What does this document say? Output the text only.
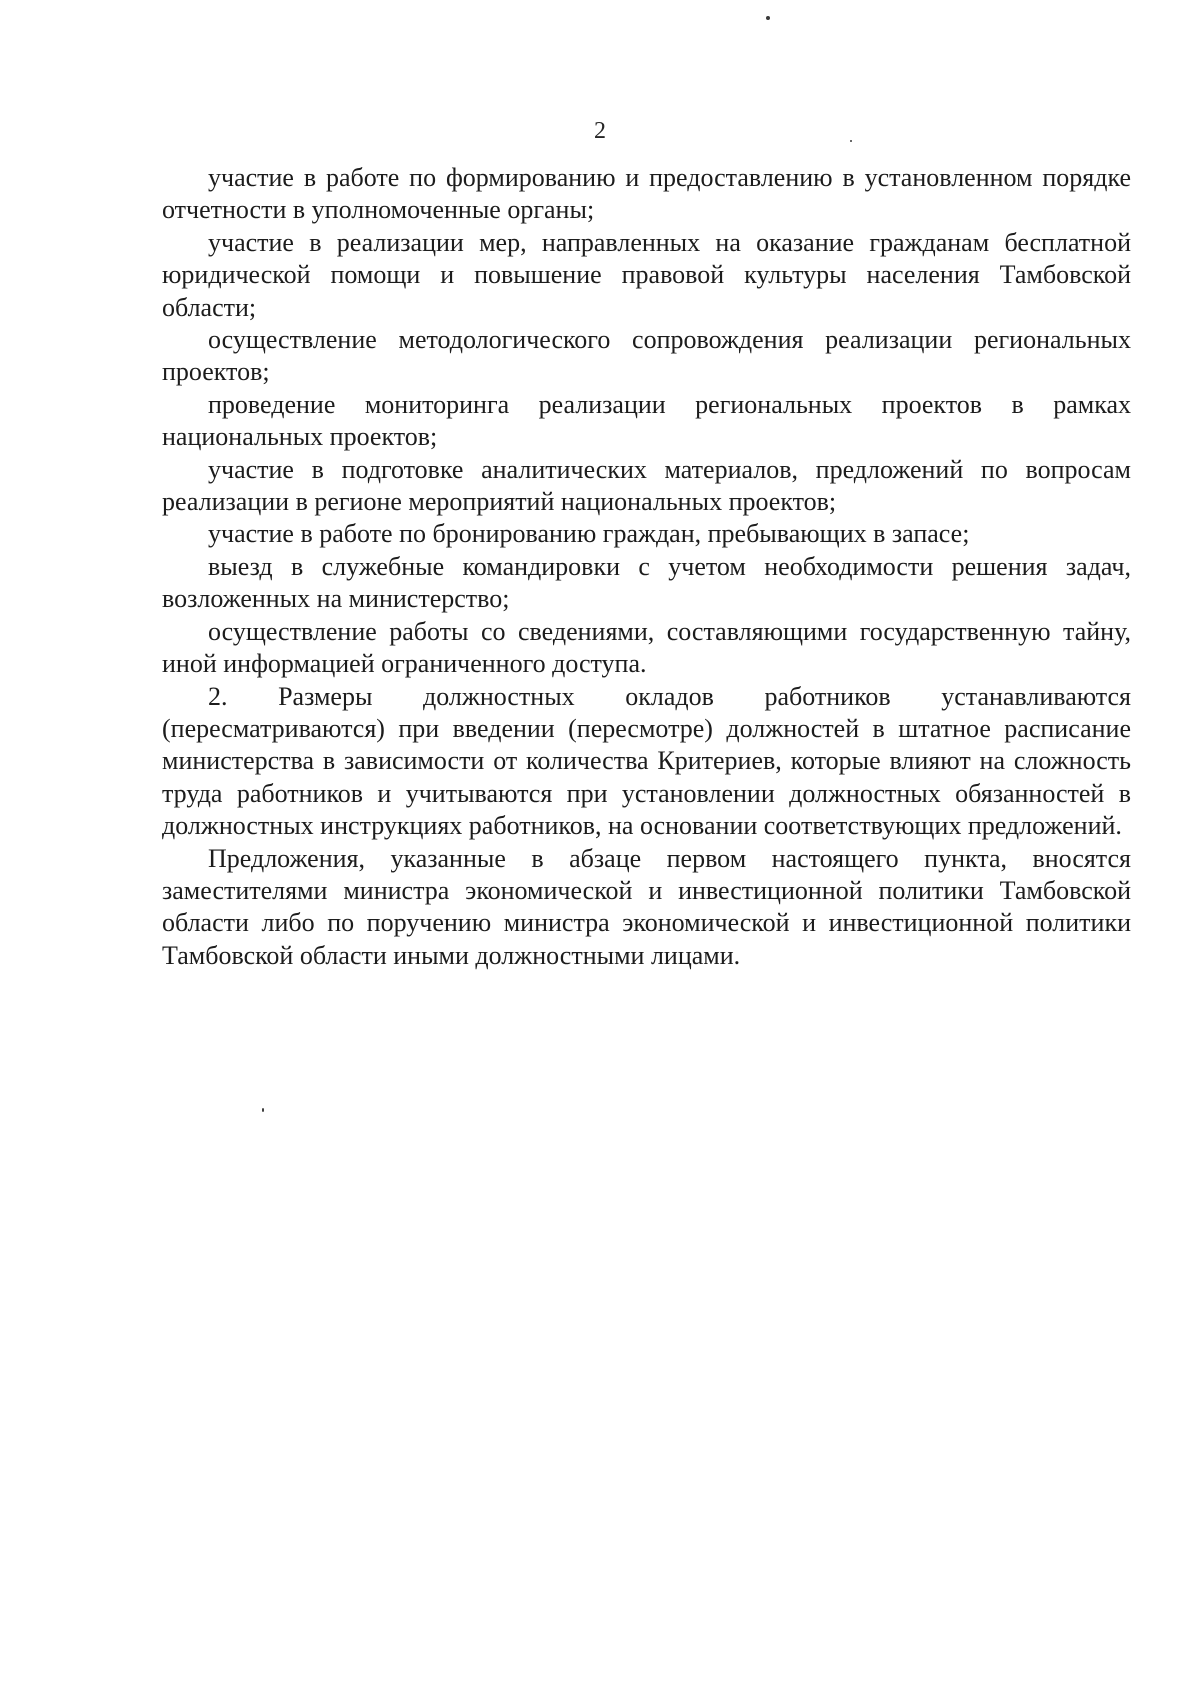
2

участие в работе по формированию и предоставлению в установленном порядке отчетности в уполномоченные органы;

участие в реализации мер, направленных на оказание гражданам бесплатной юридической помощи и повышение правовой культуры населения Тамбовской области;

осуществление методологического сопровождения реализации региональных проектов;

проведение мониторинга реализации региональных проектов в рамках национальных проектов;

участие в подготовке аналитических материалов, предложений по вопросам реализации в регионе мероприятий национальных проектов;

участие в работе по бронированию граждан, пребывающих в запасе;

выезд в служебные командировки с учетом необходимости решения задач, возложенных на министерство;

осуществление работы со сведениями, составляющими государственную тайну, иной информацией ограниченного доступа.

2. Размеры должностных окладов работников устанавливаются (пересматриваются) при введении (пересмотре) должностей в штатное расписание министерства в зависимости от количества Критериев, которые влияют на сложность труда работников и учитываются при установлении должностных обязанностей в должностных инструкциях работников, на основании соответствующих предложений.

Предложения, указанные в абзаце первом настоящего пункта, вносятся заместителями министра экономической и инвестиционной политики Тамбовской области либо по поручению министра экономической и инвестиционной политики Тамбовской области иными должностными лицами.
